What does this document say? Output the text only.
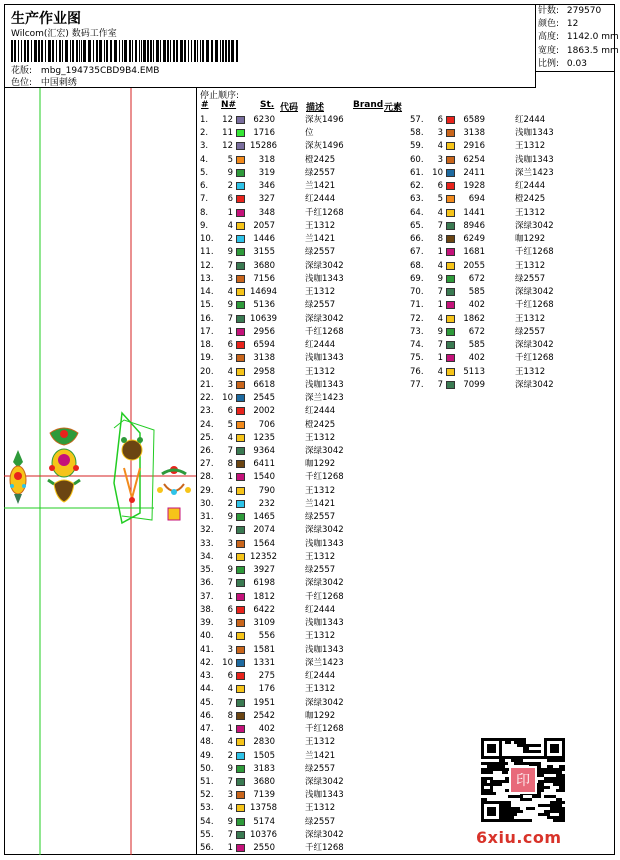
生产作业图
Wilcom(汇宏) 数码工作室
花版: mbg_194735CBD9B4.EMB
色位: 中国刺绣
针数: 279570
颜色: 12
高度: 1142.0 mm
宽度: 1863.5 mm
比例: 0.03
停止顺序:
# N#	St. 代码 描述	Brand 元素
1.	12	6230	深灰1496
2.	11	1716	位
3.	12 15286	深灰1496
4.	5	318	橙2425
5.	9	319	绿2557
6.	2	346	兰1421
7.	6	327	红2444
8.	1	348	千红1268
9.	4	2057	王1312
10.	2	1446	兰1421
11.	9	3155	绿2557
12.	7	3680	深绿3042
13.	3	7156	浅咖1343
14.	4 14694	王1312
15.	9	5136	绿2557
16.	7 10639	深绿3042
17.	1	2956	千红1268
18.	6	6594	红2444
19.	3	3138	浅咖1343
20.	4	2958	王1312
21.	3	6618	浅咖1343
22.	10	2545	深兰1423
23.	6	2002	红2444
24.	5	706	橙2425
25.	4	1235	王1312
26.	7	9364	深绿3042
27.	8	6411	咖1292
28.	1	1540	千红1268
29.	4	790	王1312
30.	2	232	兰1421
31.	9	1465	绿2557
32.	7	2074	深绿3042
33.	3	1564	浅咖1343
34.	4 12352	王1312
35.	9	3927	绿2557
36.	7	6198	深绿3042
37.	1	1812	千红1268
38.	6	6422	红2444
39.	3	3109	浅咖1343
40.	4	556	王1312
41.	3	1581	浅咖1343
42.	10	1331	深兰1423
43.	6	275	红2444
44.	4	176	王1312
45.	7	1951	深绿3042
46.	8	2542	咖1292
47.	1	402	千红1268
48.	4	2830	王1312
49.	2	1505	兰1421
50.	9	3183	绿2557
51.	7	3680	深绿3042
52.	3	7139	浅咖1343
53.	4 13758	王1312
54.	9	5174	绿2557
55.	7 10376	深绿3042
56.	1	2550	千红1268
57.	6	6589	红2444
58.	3	3138	浅咖1343
59.	4	2916	王1312
60.	3	6254	浅咖1343
61.	10	2411	深兰1423
62.	6	1928	红2444
63.	5	694	橙2425
64.	4	1441	王1312
65.	7	8946	深绿3042
66.	8	6249	咖1292
67.	1	1681	千红1268
68.	4	2055	王1312
69.	9	672	绿2557
70.	7	585	深绿3042
71.	1	402	千红1268
72.	4	1862	王1312
73.	9	672	绿2557
74.	7	585	深绿3042
75.	1	402	千红1268
76.	4	5113	王1312
77.	7	7099	深绿3042
印
6xiu.com
